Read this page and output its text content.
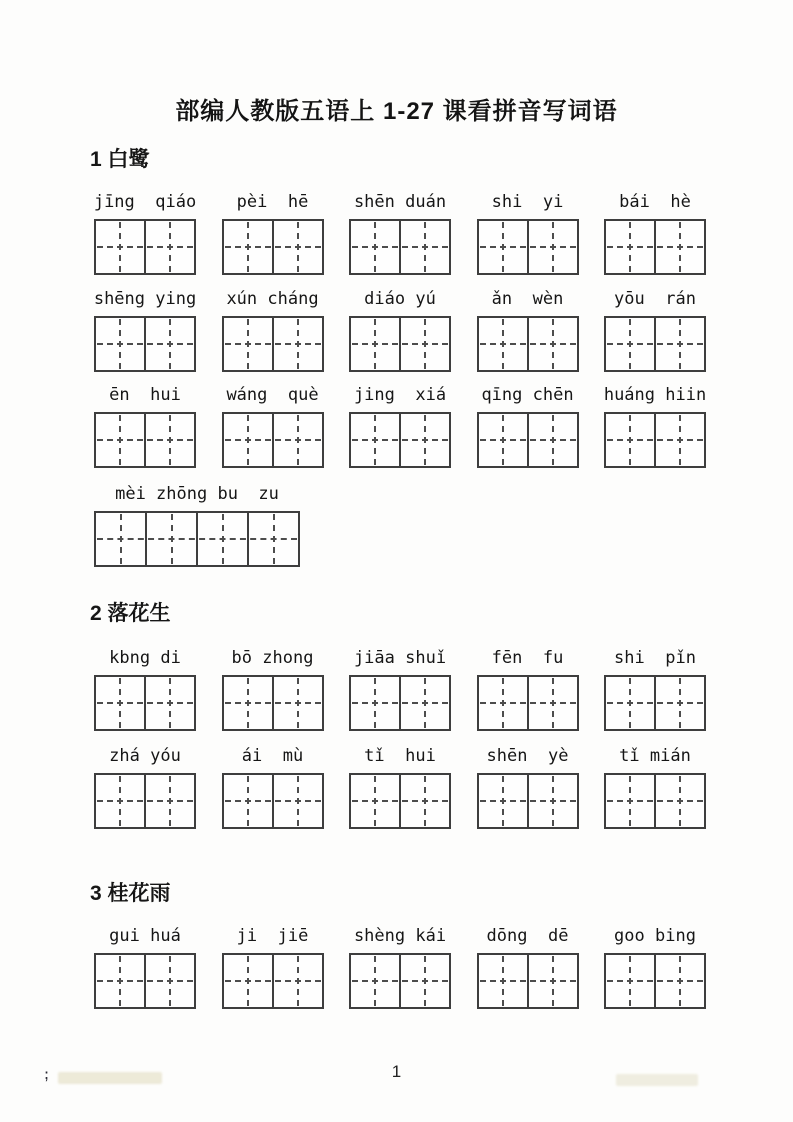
部编人教版五语上 1-27 课看拼音写词语
1 白鹭
jīng  qiáo pèi  hē	shēn duán	shi  yi	bái  hè
shēng ying xún cháng	diáo yú	ǎn  wèn	yōu  rán
ēn  hui	wáng  què jing  xiá qīng chēn huáng hiin
mèi zhōng bu  zu
2 落花生
kbng di	bō zhong jiāa shuǐ	fēn  fu	shi  pǐn
zhá yóu	ái  mù	tǐ  hui	shēn  yè	tǐ mián
3 桂花雨
gui huá	ji  jiē	shèng kái dōng  dē	goo bing
;	1
